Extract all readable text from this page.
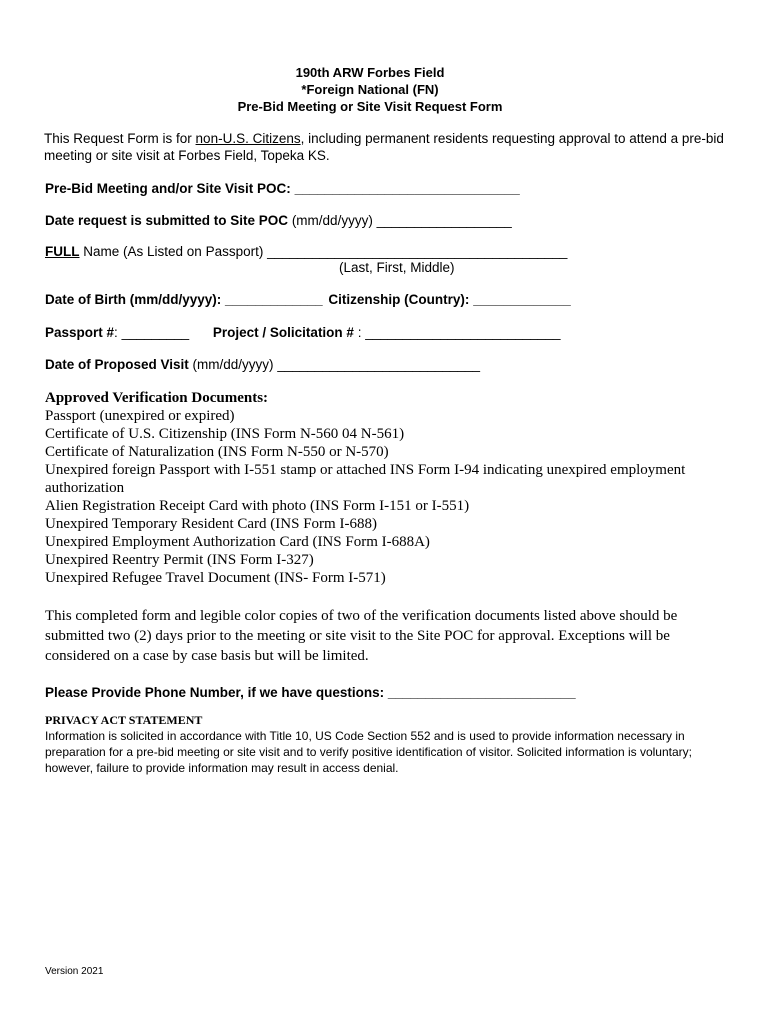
190th ARW Forbes Field
*Foreign National (FN)
Pre-Bid Meeting or Site Visit Request Form
This Request Form is for non-U.S. Citizens, including permanent residents requesting approval to attend a pre-bid meeting or site visit at Forbes Field, Topeka KS.
Pre-Bid Meeting and/or Site Visit POC: ______________________________
Date request is submitted to Site POC (mm/dd/yyyy) __________________
FULL Name (As Listed on Passport) ________________________________________
(Last, First, Middle)
Date of Birth (mm/dd/yyyy): _____________ Citizenship (Country): _____________
Passport #: _________ Project / Solicitation # : __________________________
Date of Proposed Visit (mm/dd/yyyy) ___________________________
Approved Verification Documents:
Passport (unexpired or expired)
Certificate of U.S. Citizenship (INS Form N-560 04 N-561)
Certificate of Naturalization (INS Form N-550 or N-570)
Unexpired foreign Passport with I-551 stamp or attached INS Form I-94 indicating unexpired employment authorization
Alien Registration Receipt Card with photo (INS Form I-151 or I-551)
Unexpired Temporary Resident Card (INS Form I-688)
Unexpired Employment Authorization Card (INS Form I-688A)
Unexpired Reentry Permit (INS Form I-327)
Unexpired Refugee Travel Document (INS- Form I-571)
This completed form and legible color copies of two of the verification documents listed above should be submitted two (2) days prior to the meeting or site visit to the Site POC for approval. Exceptions will be considered on a case by case basis but will be limited.
Please Provide Phone Number, if we have questions: _________________________
PRIVACY ACT STATEMENT
Information is solicited in accordance with Title 10, US Code Section 552 and is used to provide information necessary in preparation for a pre-bid meeting or site visit and to verify positive identification of visitor. Solicited information is voluntary; however, failure to provide information may result in access denial.
Version 2021
